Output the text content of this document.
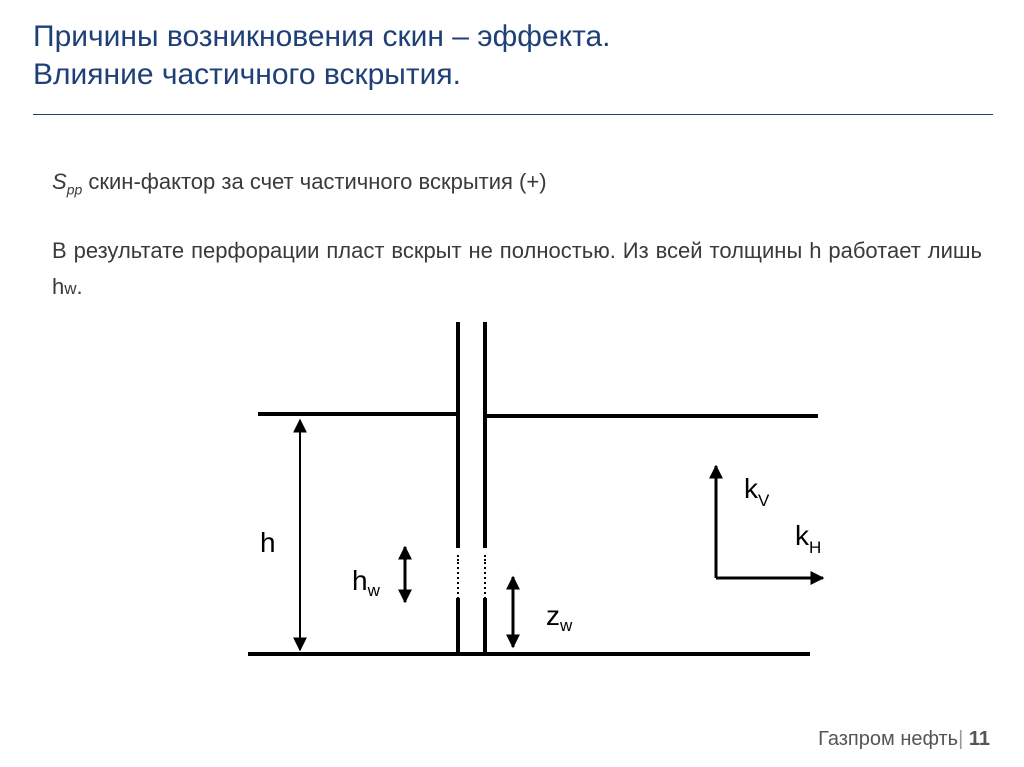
Причины возникновения скин – эффекта.
Влияние частичного вскрытия.
$S_{pp}$ скин-фактор за счет частичного вскрытия (+)
В результате перфорации пласт вскрыт не полностью. Из всей толщины h работает лишь hw.
h
$h_w$
$z_w$
$k_V$
$k_H$
Газпром нефть| 11
